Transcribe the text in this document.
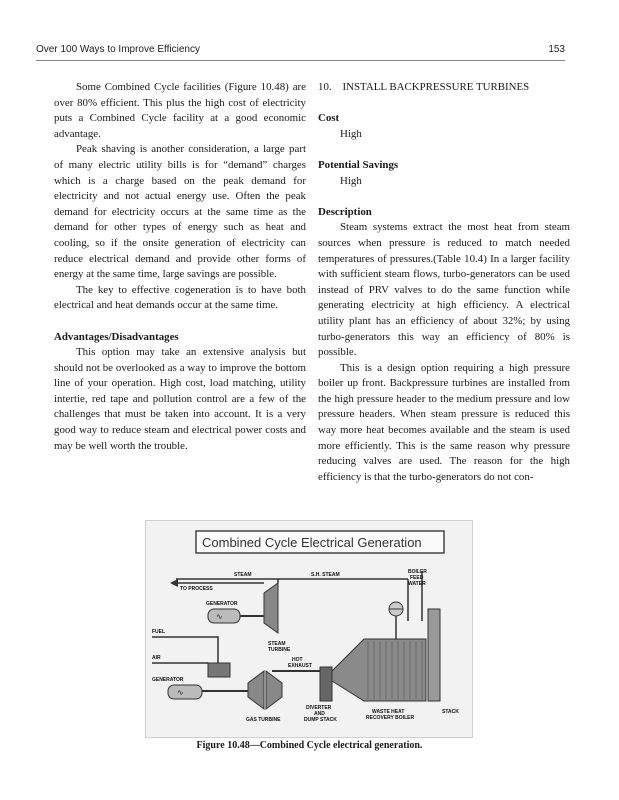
Over 100 Ways to Improve Efficiency	153

Some Combined Cycle facilities (Figure 10.48) are over 80% efficient. This plus the high cost of electricity puts a Combined Cycle facility at a good economic advantage.

Peak shaving is another consideration, a large part of many electric utility bills is for “demand” charges which is a charge based on the peak demand for electricity and not actual energy use. Often the peak demand for electricity occurs at the same time as the demand for other types of energy such as heat and cooling, so if the onsite generation of electricity can reduce electrical demand and provide other forms of energy at the same time, large savings are possible.

The key to effective cogeneration is to have both electrical and heat demands occur at the same time.

Advantages/Disadvantages

This option may take an extensive analysis but should not be overlooked as a way to improve the bottom line of your operation. High cost, load matching, utility intertie, red tape and pollution control are a few of the challenges that must be taken into account. It is a very good way to reduce steam and electrical power costs and may be well worth the trouble.

10. INSTALL BACKPRESSURE TURBINES

Cost

High

Potential Savings

High

Description

Steam systems extract the most heat from steam sources when pressure is reduced to match needed temperatures of pressures.(Table 10.4) In a larger facility with sufficient steam flows, turbo-generators can be used instead of PRV valves to do the same function while generating electricity at high efficiency. A electrical utility plant has an efficiency of about 32%; by using turbo-generators this way an efficiency of 80% is possible.

This is a design option requiring a high pressure boiler up front. Backpressure turbines are installed from the high pressure header to the medium pressure and low pressure headers. When steam pressure is reduced this way more heat becomes available and the steam is used more efficiently. This is the same reason why pressure reducing valves are used. The reason for the high efficiency is that the turbo-generators do not con-

Combined Cycle Electrical Generation
STEAM	S.H. STEAM	BOILER
FEED
WATER
TO PROCESS
STEAM
TURBINE
GENERATOR
∿
FUEL
HOT
EXHAUST
AIR
GAS TURBINE
GENERATOR
∿
DIVERTER
AND
DUMP STACK
WASTE HEAT
RECOVERY BOILER
STACK
Figure 10.48—Combined Cycle electrical generation.
